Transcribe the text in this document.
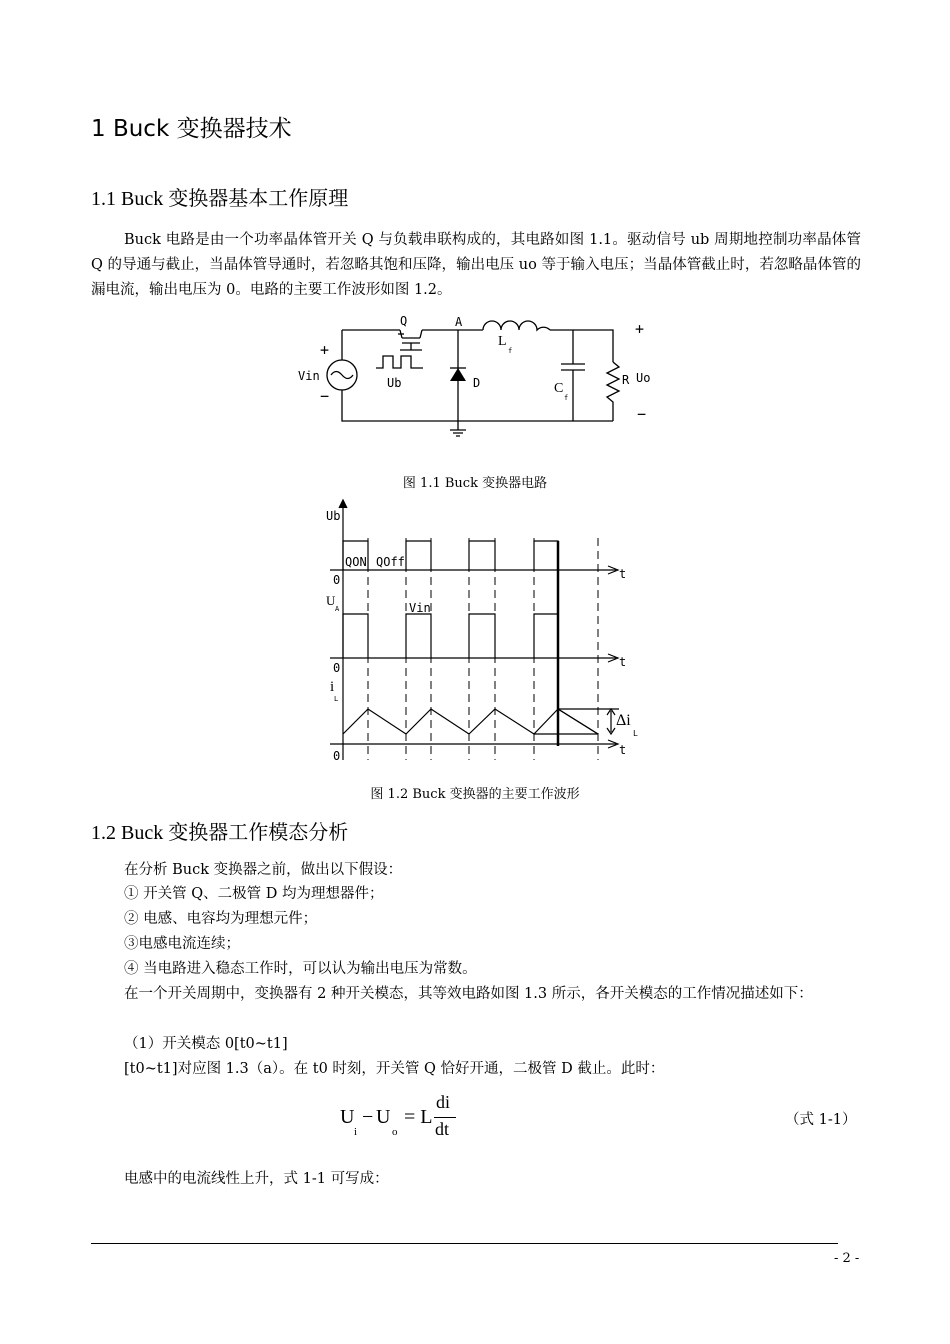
1 Buck 变换器技术
1.1 Buck 变换器基本工作原理
Buck 电路是由一个功率晶体管开关 Q 与负载串联构成的，其电路如图 1.1。驱动信号 ub 周期地控制功率晶体管 Q 的导通与截止，当晶体管导通时，若忽略其饱和压降，输出电压 uo 等于输入电压；当晶体管截止时，若忽略晶体管的漏电流，输出电压为 0。电路的主要工作波形如图 1.2。
Q	A
L
f
+
−
Vin	Ub	D	C
f
R Uo
+
−
图 1.1 Buck 变换器电路
Ub
QON QOff
0	t
U
A	Vin
0	t
i
L
0	t
Δi
L
图 1.2 Buck 变换器的主要工作波形
1.2 Buck 变换器工作模态分析
在分析 Buck 变换器之前，做出以下假设：
① 开关管 Q、二极管 D 均为理想器件；
② 电感、电容均为理想元件；
③电感电流连续；
④ 当电路进入稳态工作时，可以认为输出电压为常数。
在一个开关周期中，变换器有 2 种开关模态，其等效电路如图 1.3 所示，各开关模态的工作情况描述如下：
（1）开关模态 0[t0~t1]
[t0~t1]对应图 1.3（a）。在 t0 时刻，开关管 Q 恰好开通，二极管 D 截止。此时：
U
i
− U
o
= L
di
dt	（式 1-1）
电感中的电流线性上升，式 1-1 可写成：
- 2 -
